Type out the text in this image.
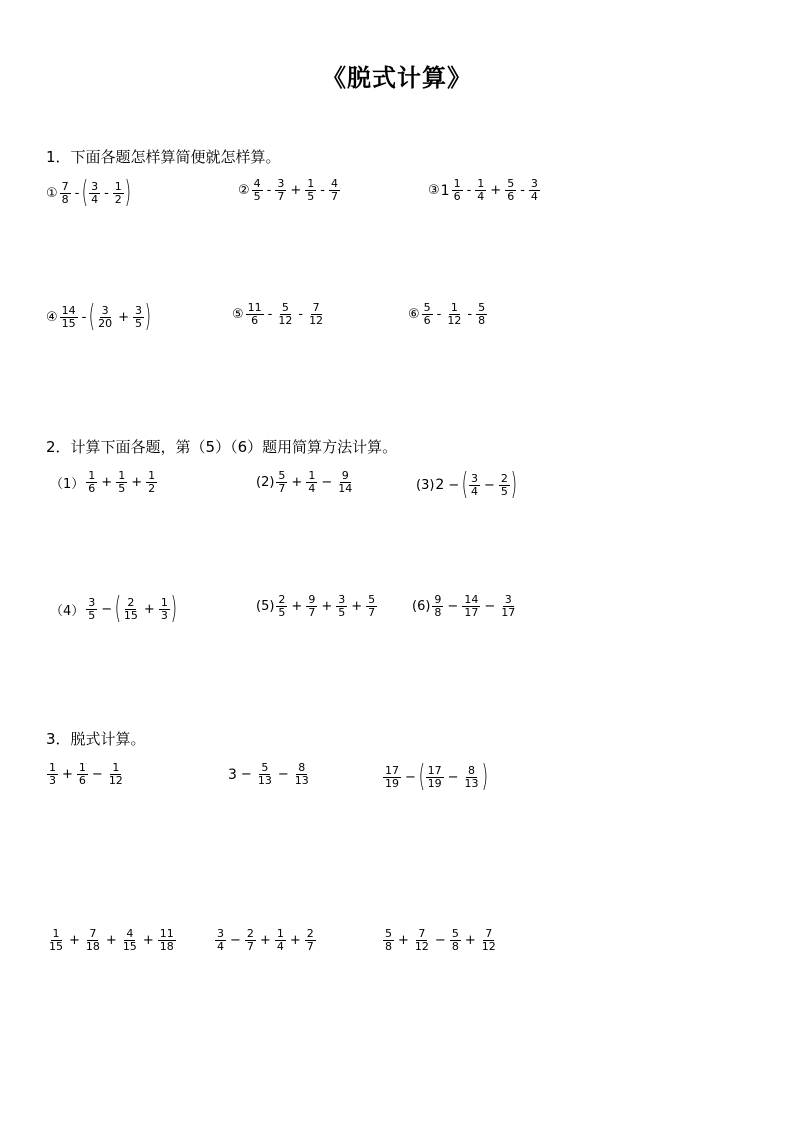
《脱式计算》
1．下面各题怎样算简便就怎样算。
2．计算下面各题，第（5）（6）题用简算方法计算。
3．脱式计算。
① $\frac{7}{8}$ - ( $\frac{3}{4} - \frac{1}{2}$ )	② $\frac{4}{5} - \frac{3}{7} + \frac{1}{5} - \frac{4}{7}$	③ $1 \frac{1}{6} - \frac{1}{4} + \frac{5}{6} - \frac{3}{4}$
④ $\frac{14}{15}$ - ( $\frac{3}{20} + \frac{3}{5}$ )	⑤ $\frac{11}{6} - \frac{5}{12} - \frac{7}{12}$	⑥ $\frac{5}{6} - \frac{1}{12} - \frac{5}{8}$
$(1) \frac{1}{6} + \frac{1}{5} + \frac{1}{2}$	$(2) \frac{5}{7} + \frac{1}{4} - \frac{9}{14}$	(3) 2 − ( $\frac{3}{4} - \frac{2}{5}$ )
$(4) \frac{3}{5}$ − ( $\frac{2}{15} + \frac{1}{3}$ )	$(5) \frac{2}{5} + \frac{9}{7} + \frac{3}{5} + \frac{5}{7}$	$(6) \frac{9}{8} - \frac{14}{17} - \frac{3}{17}$
$\frac{1}{3} + \frac{1}{6} - \frac{1}{12}$	$3 - \frac{5}{13} - \frac{8}{13}$	$\frac{17}{19}$ − ( $\frac{17}{19} - \frac{8}{13}$ )
$\frac{1}{15} + \frac{7}{18} + \frac{4}{15} + \frac{11}{18}$	$\frac{3}{4} - \frac{2}{7} + \frac{1}{4} + \frac{2}{7}$	$\frac{5}{8} + \frac{7}{12} - \frac{5}{8} + \frac{7}{12}$
